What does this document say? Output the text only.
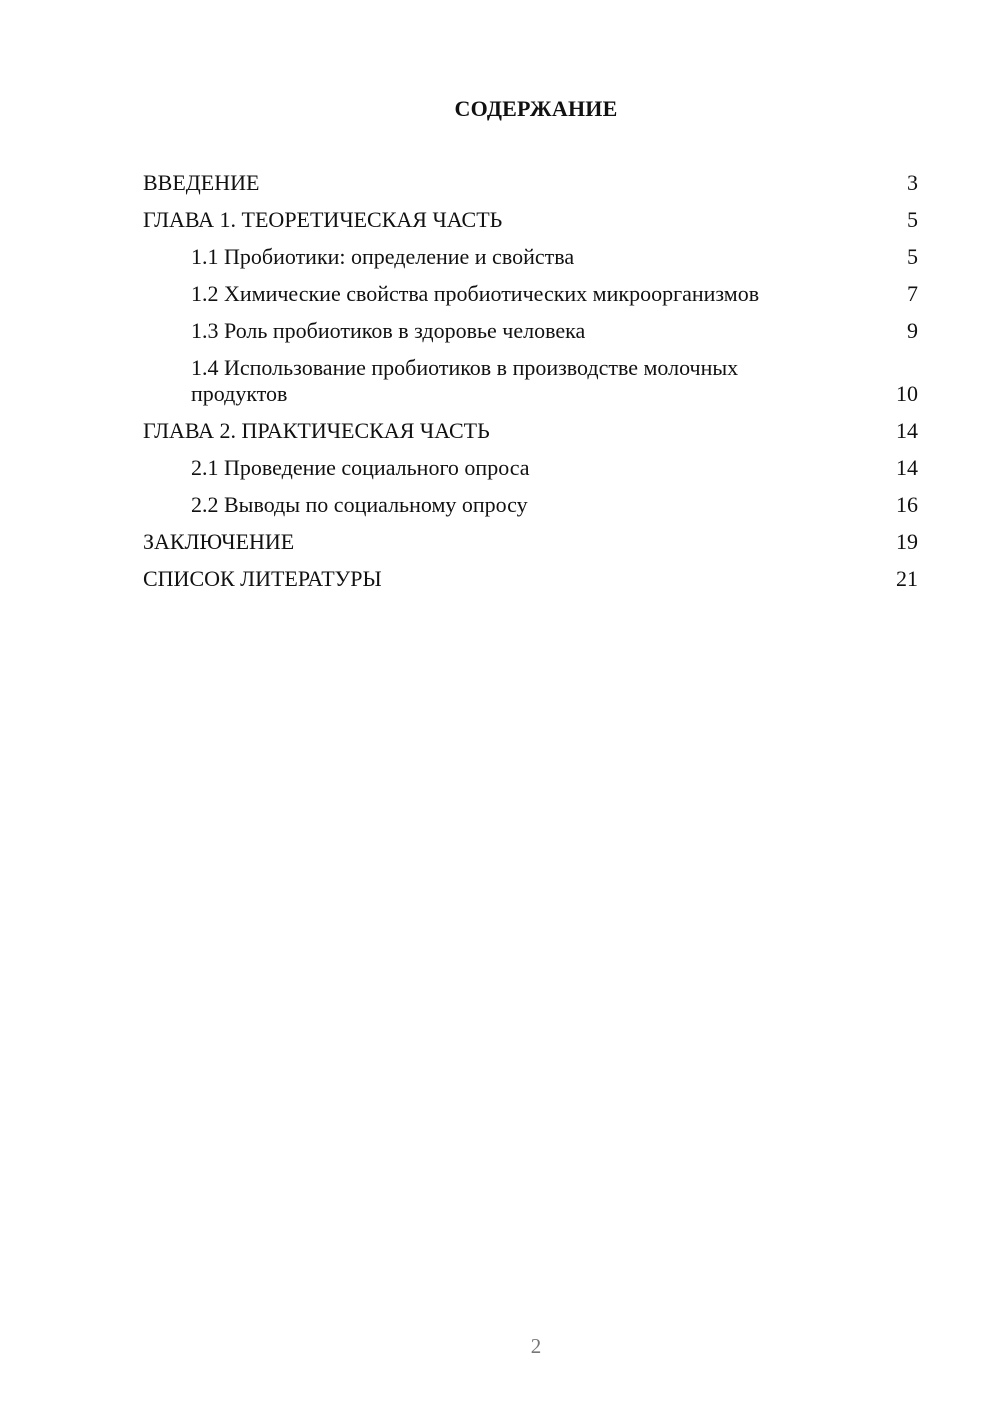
СОДЕРЖАНИЕ
ВВЕДЕНИЕ	3
ГЛАВА 1. ТЕОРЕТИЧЕСКАЯ ЧАСТЬ	5
1.1 Пробиотики: определение и свойства	5
1.2 Химические свойства пробиотических микроорганизмов	7
1.3 Роль пробиотиков в здоровье человека	9
1.4 Использование пробиотиков в производстве молочных продуктов	10
ГЛАВА 2. ПРАКТИЧЕСКАЯ ЧАСТЬ	14
2.1 Проведение социального опроса	14
2.2 Выводы по социальному опросу	16
ЗАКЛЮЧЕНИЕ	19
СПИСОК ЛИТЕРАТУРЫ	21
2
